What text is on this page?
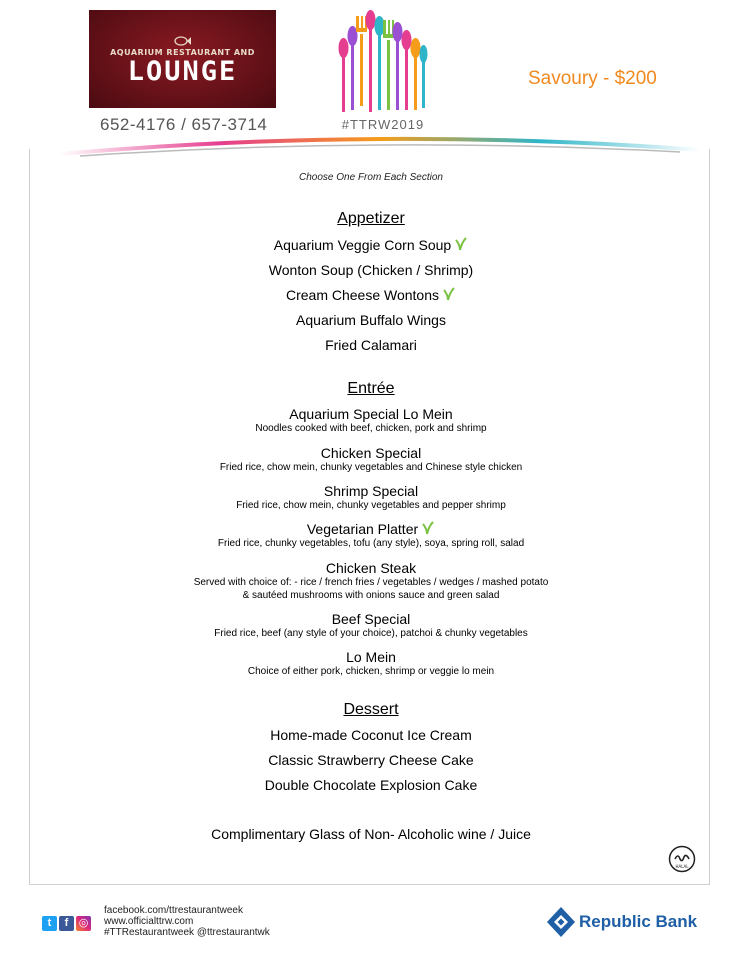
AQUARIUM RESTAURANT AND
LOUNGE
652-4176 / 657-3714	#TTRW2019
Savoury - $200
Choose One From Each Section
Appetizer
Aquarium Veggie Corn Soup
Wonton Soup (Chicken / Shrimp)
Cream Cheese Wontons
Aquarium Buffalo Wings
Fried Calamari
Entrée
Aquarium Special Lo Mein
Noodles cooked with beef, chicken, pork and shrimp
Chicken Special
Fried rice, chow mein, chunky vegetables and Chinese style chicken
Shrimp Special
Fried rice, chow mein, chunky vegetables and pepper shrimp
Vegetarian Platter
Fried rice, chunky vegetables, tofu (any style), soya, spring roll, salad
Chicken Steak
Served with choice of: - rice / french fries / vegetables / wedges / mashed potato
& sautéed mushrooms with onions sauce and green salad
Beef Special
Fried rice, beef (any style of your choice), patchoi & chunky vegetables
Lo Mein
Choice of either pork, chicken, shrimp or veggie lo mein
Dessert
Home-made Coconut Ice Cream
Classic Strawberry Cheese Cake
Double Chocolate Explosion Cake
Complimentary Glass of Non- Alcoholic wine / Juice
HALAL
t f ◎
facebook.com/ttrestaurantweek
www.officialttrw.com
#TTRestaurantweek @ttrestaurantwk
Republic Bank
